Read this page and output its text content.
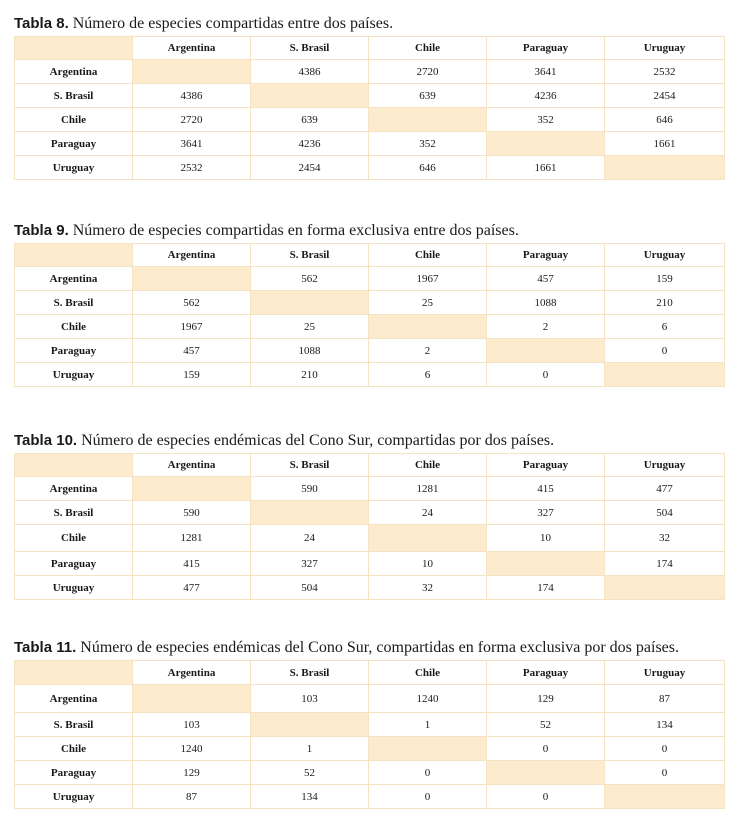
Tabla 8. Número de especies compartidas entre dos países.
	Argentina	S. Brasil	Chile	Paraguay	Uruguay
Argentina		4386	2720	3641	2532
S. Brasil	4386		639	4236	2454
Chile	2720	639		352	646
Paraguay	3641	4236	352		1661
Uruguay	2532	2454	646	1661	
Tabla 9. Número de especies compartidas en forma exclusiva entre dos países.
	Argentina	S. Brasil	Chile	Paraguay	Uruguay
Argentina		562	1967	457	159
S. Brasil	562		25	1088	210
Chile	1967	25		2	6
Paraguay	457	1088	2		0
Uruguay	159	210	6	0	
Tabla 10. Número de especies endémicas del Cono Sur, compartidas por dos países.
	Argentina	S. Brasil	Chile	Paraguay	Uruguay
Argentina		590	1281	415	477
S. Brasil	590		24	327	504
Chile	1281	24		10	32
Paraguay	415	327	10		174
Uruguay	477	504	32	174	
Tabla 11. Número de especies endémicas del Cono Sur, compartidas en forma exclusiva por dos países.
	Argentina	S. Brasil	Chile	Paraguay	Uruguay
Argentina		103	1240	129	87
S. Brasil	103		1	52	134
Chile	1240	1		0	0
Paraguay	129	52	0		0
Uruguay	87	134	0	0	
